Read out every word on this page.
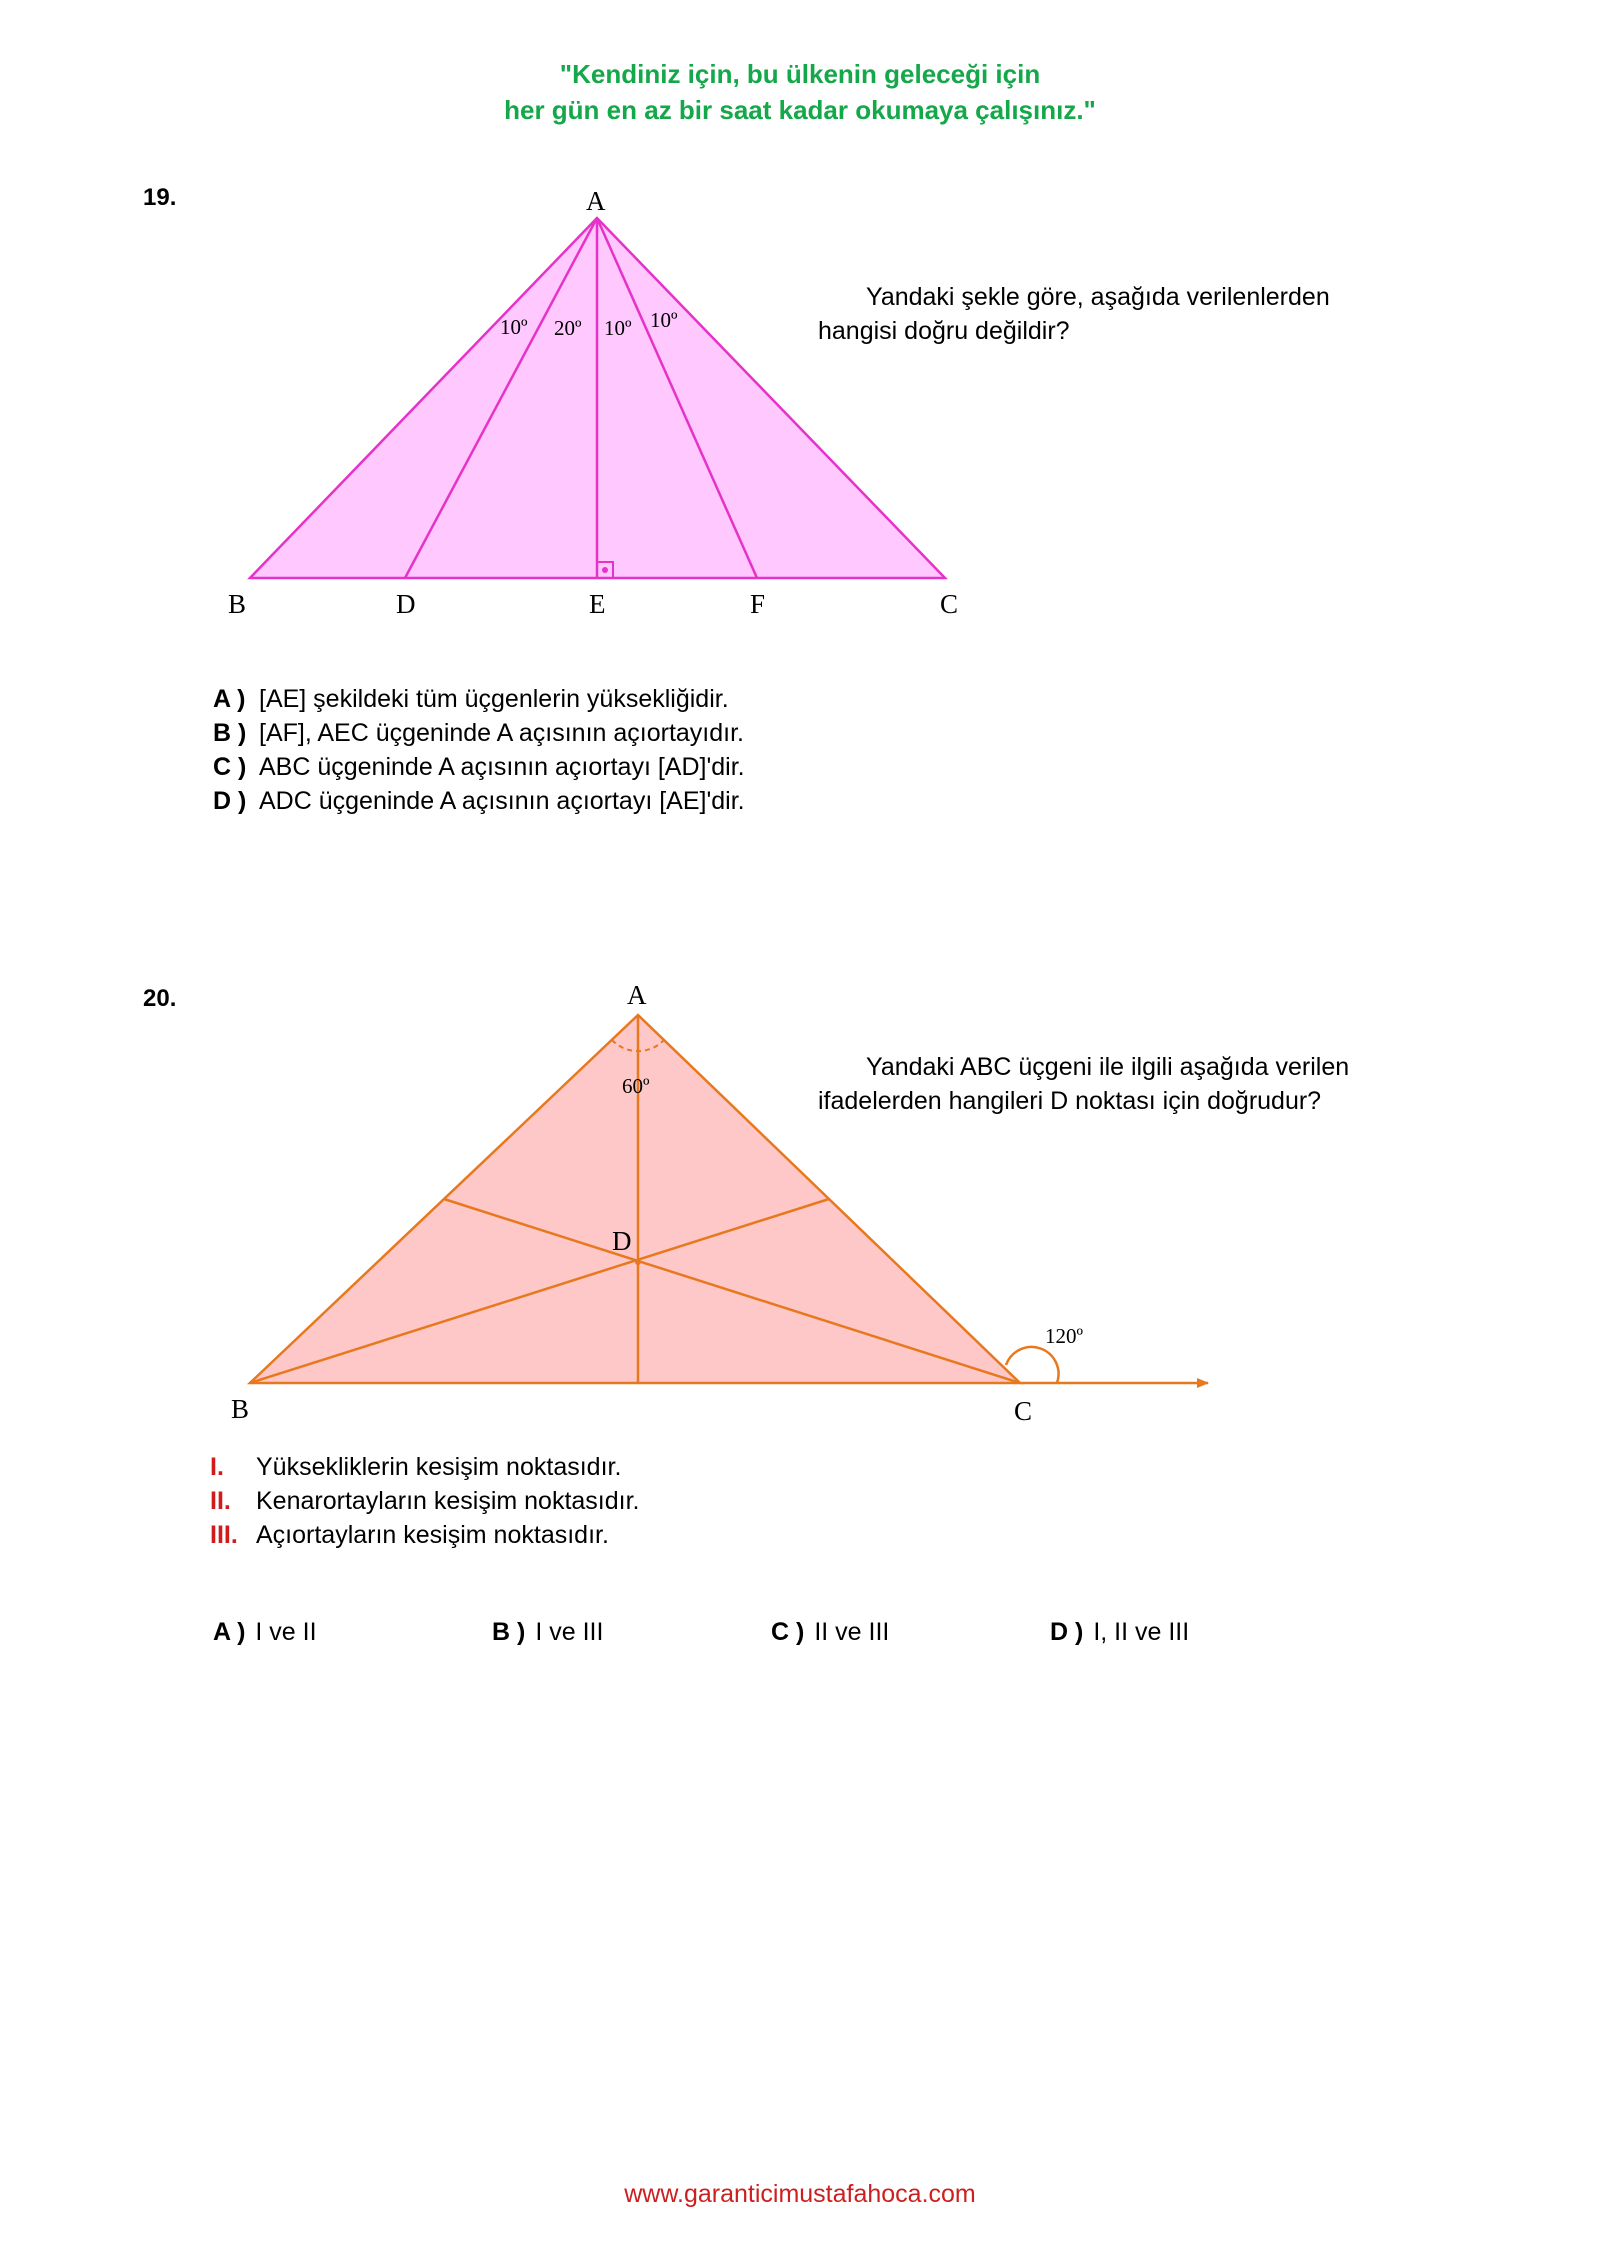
"Kendiniz için, bu ülkenin geleceği için
her gün en az bir saat kadar okumaya çalışınız."
A
B	D	E	F	C
10º 20º 10º 10º
A
B	C
D
60º
120º
19.
Yandaki şekle göre, aşağıda verilenlerden
hangisi doğru değildir?
A ) [AE] şekildeki tüm üçgenlerin yüksekliğidir.
B ) [AF], AEC üçgeninde A açısının açıortayıdır.
C ) ABC üçgeninde A açısının açıortayı [AD]'dir.
D ) ADC üçgeninde A açısının açıortayı [AE]'dir.
20.
Yandaki ABC üçgeni ile ilgili aşağıda verilen
ifadelerden hangileri D noktası için doğrudur?
I. Yüksekliklerin kesişim noktasıdır.
II. Kenarortayların kesişim noktasıdır.
III. Açıortayların kesişim noktasıdır.
A ) I ve II	B ) I ve III	C ) II ve III	D ) I, II ve III
www.garanticimustafahoca.com
